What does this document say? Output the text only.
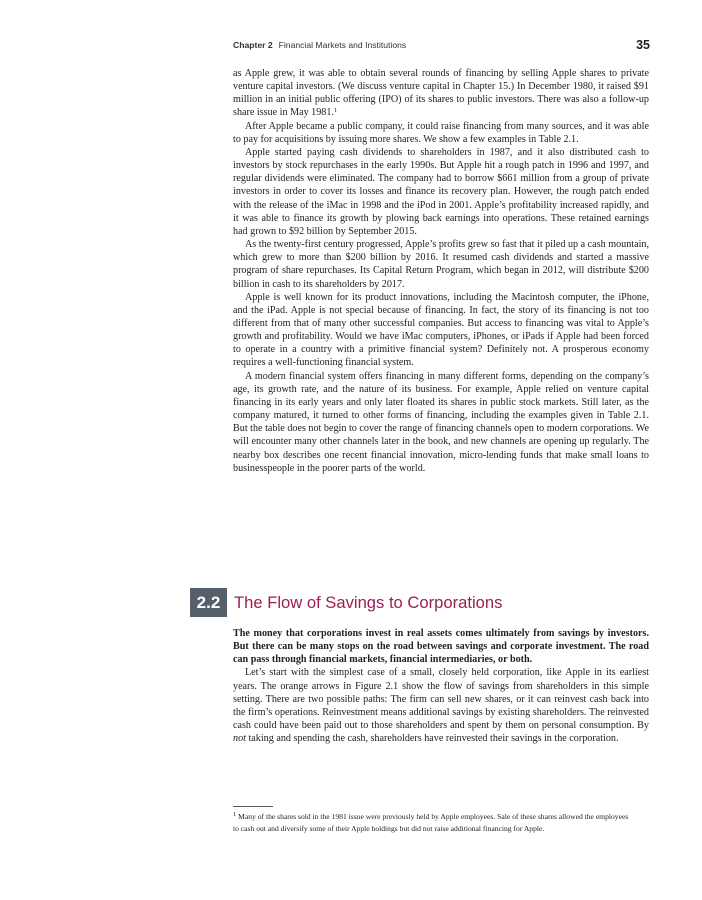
Chapter 2 Financial Markets and Institutions	35

as Apple grew, it was able to obtain several rounds of financing by selling Apple shares to private venture capital investors. (We discuss venture capital in Chapter 15.) In December 1980, it raised $91 million in an initial public offering (IPO) of its shares to public investors. There was also a follow-up share issue in May 1981.$^1$

After Apple became a public company, it could raise financing from many sources, and it was able to pay for acquisitions by issuing more shares. We show a few examples in Table 2.1.

Apple started paying cash dividends to shareholders in 1987, and it also distributed cash to investors by stock repurchases in the early 1990s. But Apple hit a rough patch in 1996 and 1997, and regular dividends were eliminated. The company had to borrow $661 million from a group of private investors in order to cover its losses and finance its recovery plan. However, the rough patch ended with the release of the iMac in 1998 and the iPod in 2001. Apple’s profitability increased rapidly, and it was able to finance its growth by plowing back earnings into operations. These retained earnings had grown to $92 billion by September 2015.

As the twenty-first century progressed, Apple’s profits grew so fast that it piled up a cash mountain, which grew to more than $200 billion by 2016. It resumed cash dividends and started a massive program of share repurchases. Its Capital Return Program, which began in 2012, will distribute $200 billion in cash to its shareholders by 2017.

Apple is well known for its product innovations, including the Macintosh computer, the iPhone, and the iPad. Apple is not special because of financing. In fact, the story of its financing is not too different from that of many other successful companies. But access to financing was vital to Apple’s growth and profitability. Would we have iMac computers, iPhones, or iPads if Apple had been forced to operate in a country with a primitive financial system? Definitely not. A prosperous economy requires a well-functioning financial system.

A modern financial system offers financing in many different forms, depending on the company’s age, its growth rate, and the nature of its business. For example, Apple relied on venture capital financing in its early years and only later floated its shares in public stock markets. Still later, as the company matured, it turned to other forms of financing, including the examples given in Table 2.1. But the table does not begin to cover the range of financing channels open to modern corporations. We will encounter many other channels later in the book, and new channels are opening up regularly. The nearby box describes one recent financial innovation, micro-lending funds that make small loans to businesspeople in the poorer parts of the world.

2.2 The Flow of Savings to Corporations

The money that corporations invest in real assets comes ultimately from savings by investors. But there can be many stops on the road between savings and corporate investment. The road can pass through financial markets, financial intermediaries, or both.

Let’s start with the simplest case of a small, closely held corporation, like Apple in its earliest years. The orange arrows in Figure 2.1 show the flow of savings from shareholders in this simple setting. There are two possible paths: The firm can sell new shares, or it can reinvest cash back into the firm’s operations. Reinvestment means additional savings by existing shareholders. The reinvested cash could have been paid out to those shareholders and spent by them on personal consumption. By not taking and spending the cash, shareholders have reinvested their savings in the corporation.

$^1$ Many of the shares sold in the 1981 issue were previously held by Apple employees. Sale of these shares allowed the employees to cash out and diversify some of their Apple holdings but did not raise additional financing for Apple.
